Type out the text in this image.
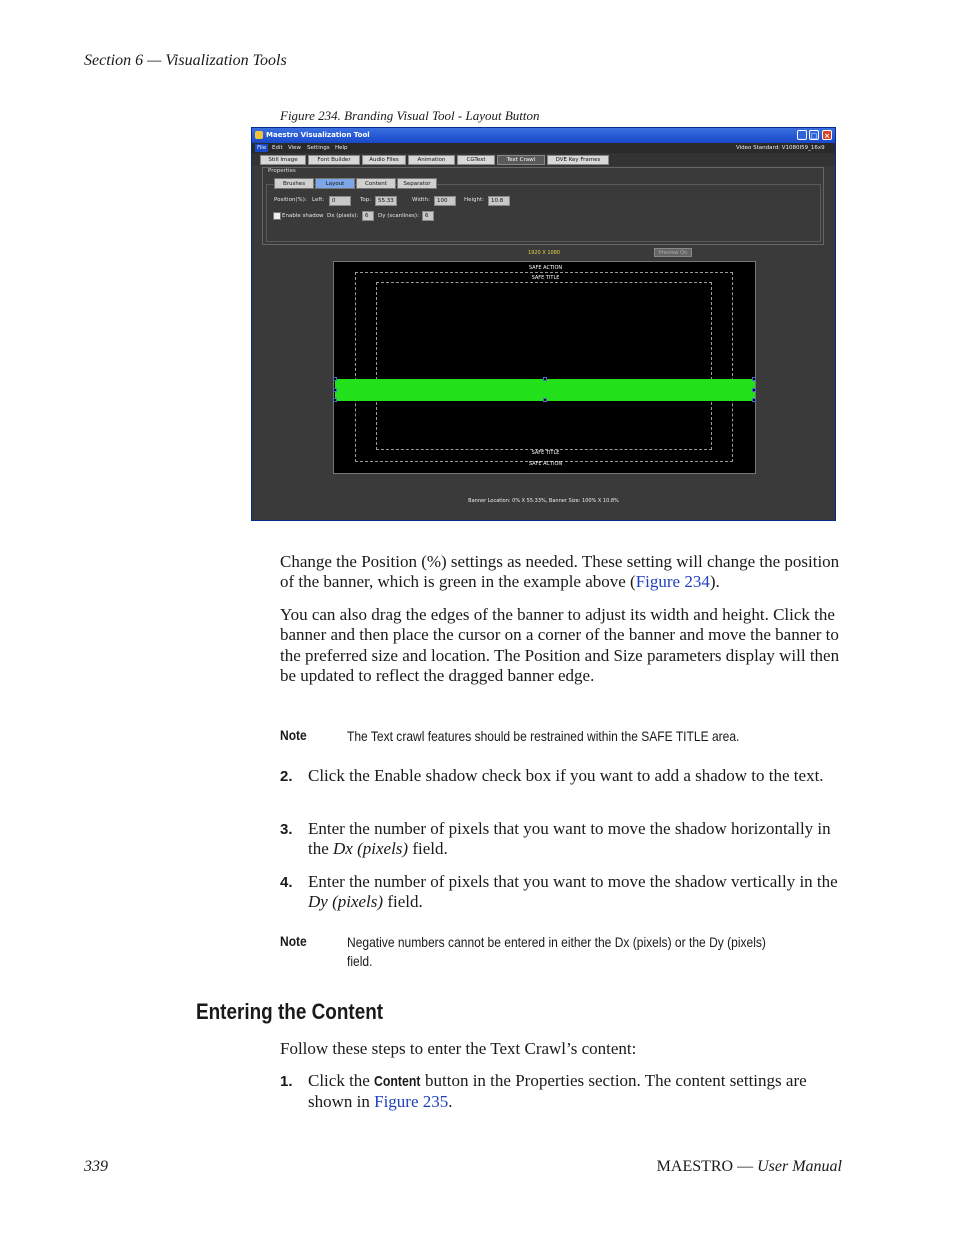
Section 6 — Visualization Tools
Figure 234. Branding Visual Tool - Layout Button
Maestro Visualization Tool	_ □ ×
File	Edit View Settings Help	Video Standard: V1080I59_16x9
Still Image	Font Builder	Audio Files	Animation	CGText	Text Crawl	DVE Key Frames
Properties
Brushes	Layout	Content	Separator
Position(%): Left:	0	Top:	55.33	Width:	100	Height:	10.8
Enable shadow Dx (pixels):	6	Dy (scanlines):	6
1920 X 1080	Preview On
SAFE ACTION
SAFE TITLE
SAFE TITLE
SAFE ACTION
Banner Location: 0% X 55.33%, Banner Size: 100% X 10.8%
Change the Position (%) settings as needed. These setting will change the position of the banner, which is green in the example above (Figure 234).
You can also drag the edges of the banner to adjust its width and height. Click the banner and then place the cursor on a corner of the banner and move the banner to the preferred size and location. The Position and Size parameters display will then be updated to reflect the dragged banner edge.
Note	The Text crawl features should be restrained within the SAFE TITLE area.
2. Click the Enable shadow check box if you want to add a shadow to the text.
3. Enter the number of pixels that you want to move the shadow horizontally in the Dx (pixels) field.
4. Enter the number of pixels that you want to move the shadow vertically in the Dy (pixels) field.
Note	Negative numbers cannot be entered in either the Dx (pixels) or the Dy (pixels) field.
Entering the Content
Follow these steps to enter the Text Crawl’s content:
1. Click the Content button in the Properties section. The content settings are shown in Figure 235.
339	MAESTRO — User Manual
